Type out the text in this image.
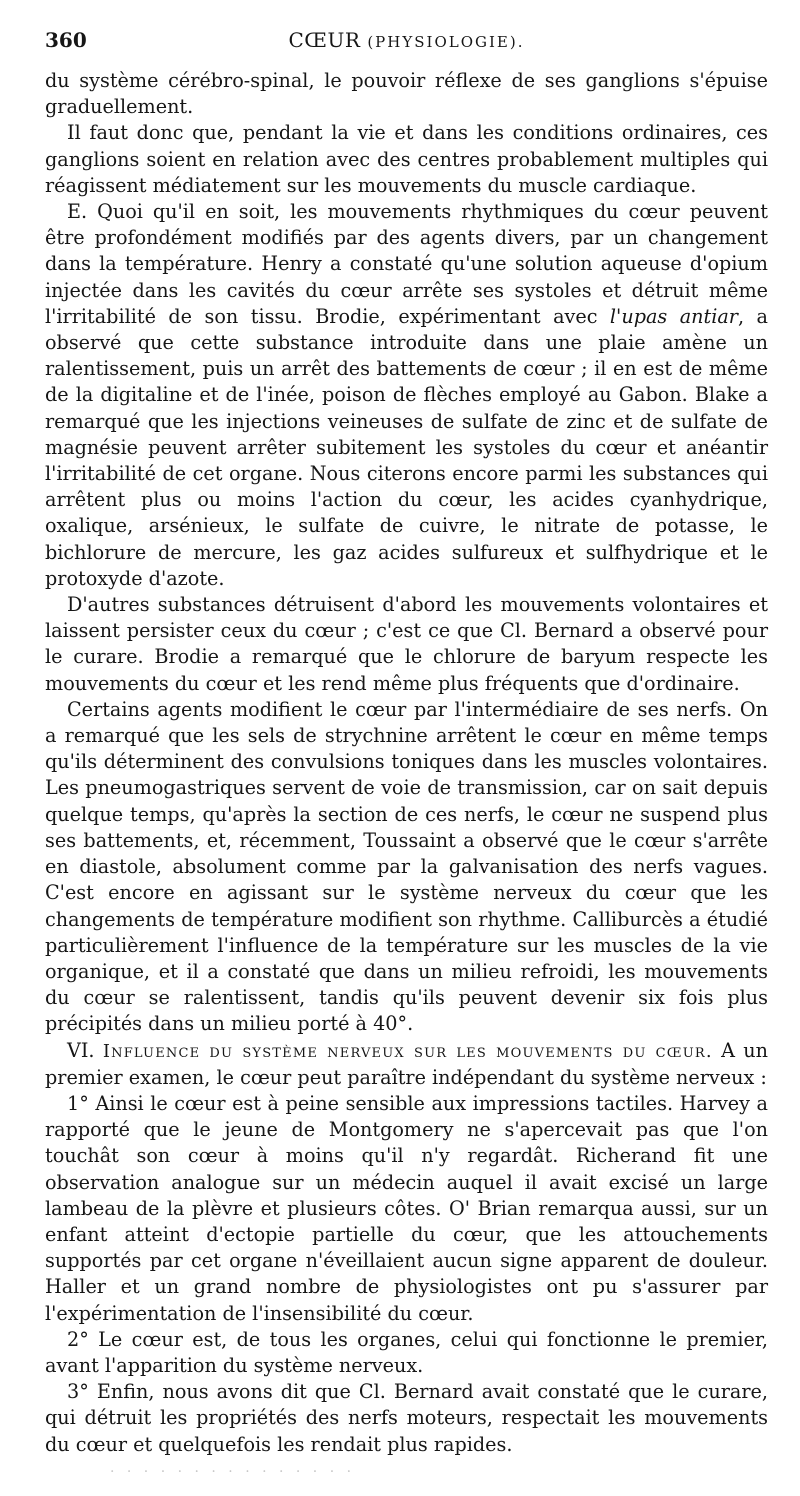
360	CŒUR (PHYSIOLOGIE).

du système cérébro-spinal, le pouvoir réflexe de ses ganglions s'épuise graduellement.

Il faut donc que, pendant la vie et dans les conditions ordinaires, ces ganglions soient en relation avec des centres probablement multiples qui réagissent médiatement sur les mouvements du muscle cardiaque.

E. Quoi qu'il en soit, les mouvements rhythmiques du cœur peuvent être profondément modifiés par des agents divers, par un changement dans la température. Henry a constaté qu'une solution aqueuse d'opium injectée dans les cavités du cœur arrête ses systoles et détruit même l'irritabilité de son tissu. Brodie, expérimentant avec l'upas antiar, a observé que cette substance introduite dans une plaie amène un ralentissement, puis un arrêt des battements de cœur ; il en est de même de la digitaline et de l'inée, poison de flèches employé au Gabon. Blake a remarqué que les injections veineuses de sulfate de zinc et de sulfate de magnésie peuvent arrêter subitement les systoles du cœur et anéantir l'irritabilité de cet organe. Nous citerons encore parmi les substances qui arrêtent plus ou moins l'action du cœur, les acides cyanhydrique, oxalique, arsénieux, le sulfate de cuivre, le nitrate de potasse, le bichlorure de mercure, les gaz acides sulfureux et sulfhydrique et le protoxyde d'azote.

D'autres substances détruisent d'abord les mouvements volontaires et laissent persister ceux du cœur ; c'est ce que Cl. Bernard a observé pour le curare. Brodie a remarqué que le chlorure de baryum respecte les mouvements du cœur et les rend même plus fréquents que d'ordinaire.

Certains agents modifient le cœur par l'intermédiaire de ses nerfs. On a remarqué que les sels de strychnine arrêtent le cœur en même temps qu'ils déterminent des convulsions toniques dans les muscles volontaires. Les pneumogastriques servent de voie de transmission, car on sait depuis quelque temps, qu'après la section de ces nerfs, le cœur ne suspend plus ses battements, et, récemment, Toussaint a observé que le cœur s'arrête en diastole, absolument comme par la galvanisation des nerfs vagues. C'est encore en agissant sur le système nerveux du cœur que les changements de température modifient son rhythme. Calliburcès a étudié particulièrement l'influence de la température sur les muscles de la vie organique, et il a constaté que dans un milieu refroidi, les mouvements du cœur se ralentissent, tandis qu'ils peuvent devenir six fois plus précipités dans un milieu porté à 40°.

VI. Influence du système nerveux sur les mouvements du cœur. A un premier examen, le cœur peut paraître indépendant du système nerveux :

1° Ainsi le cœur est à peine sensible aux impressions tactiles. Harvey a rapporté que le jeune de Montgomery ne s'apercevait pas que l'on touchât son cœur à moins qu'il n'y regardât. Richerand fit une observation analogue sur un médecin auquel il avait excisé un large lambeau de la plèvre et plusieurs côtes. O' Brian remarqua aussi, sur un enfant atteint d'ectopie partielle du cœur, que les attouchements supportés par cet organe n'éveillaient aucun signe apparent de douleur. Haller et un grand nombre de physiologistes ont pu s'assurer par l'expérimentation de l'insensibilité du cœur.

2° Le cœur est, de tous les organes, celui qui fonctionne le premier, avant l'apparition du système nerveux.

3° Enfin, nous avons dit que Cl. Bernard avait constaté que le curare, qui détruit les propriétés des nerfs moteurs, respectait les mouvements du cœur et quelquefois les rendait plus rapides.

· · · · · · · · · · · · · · ·
